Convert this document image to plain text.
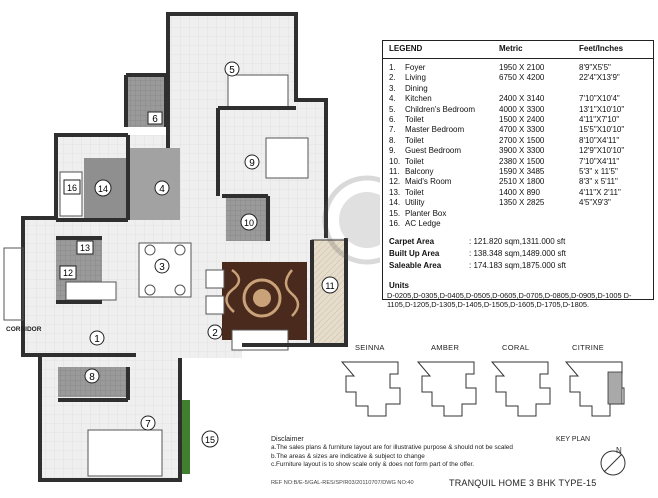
1
2
3
4
5
6
7
8
9
10
11
12
13
14
15
16
CORRIDOR
LEGEND	Metric	Feet/Inches
1. Foyer	1950 X 2100	8'9"X5'5"
2. Living	6750 X 4200	22'4"X13'9"
3. Dining
4. Kitchen	2400 X 3140	7'10"X10'4"
5. Children's Bedroom	4000 X 3300	13'1"X10'10"
6. Toilet	1500 X 2400	4'11"X7'10"
7. Master Bedroom	4700 X 3300	15'5"X10'10"
8. Toilet	2700 X 1500	8'10"X4'11"
9. Guest Bedroom	3900 X 3300	12'9"X10'10"
10. Toilet	2380 X 1500	7'10"X4'11"
11. Balcony	1590 X 3485	5'3" x 11'5"
12. Maid's Room	2510 X 1800	8'3" x 5'11"
13. Toilet	1400 X 890	4'11"X 2'11"
14. Utility	1350 X 2825	4'5"X9'3"
15. Planter Box
16. AC Ledge
Carpet Area	: 121.820 sqm,1311.000 sft
Built Up Area	: 138.348 sqm,1489.000 sft
Saleable Area	: 174.183 sqm,1875.000 sft
Units
D-0205,D-0305,D-0405,D-0505,D-0605,D-0705,D-0805,D-0905,D-1005 D-1105,D-1205,D-1305,D-1405,D-1505,D-1605,D-1705,D-1805.
SEINNA	AMBER	CORAL	CITRINE
KEY PLAN
N
Disclaimer
a.The sales plans & furniture layout are for illustrative purpose & should not be scaled
b.The areas & sizes are indicative & subject to change
c.Furniture layout is to show scale only & does not form part of the offer.
REF NO:B/E-5/GAL-RES/SP/R03/20110707/DWG NO:40	TRANQUIL HOME 3 BHK TYPE-15
